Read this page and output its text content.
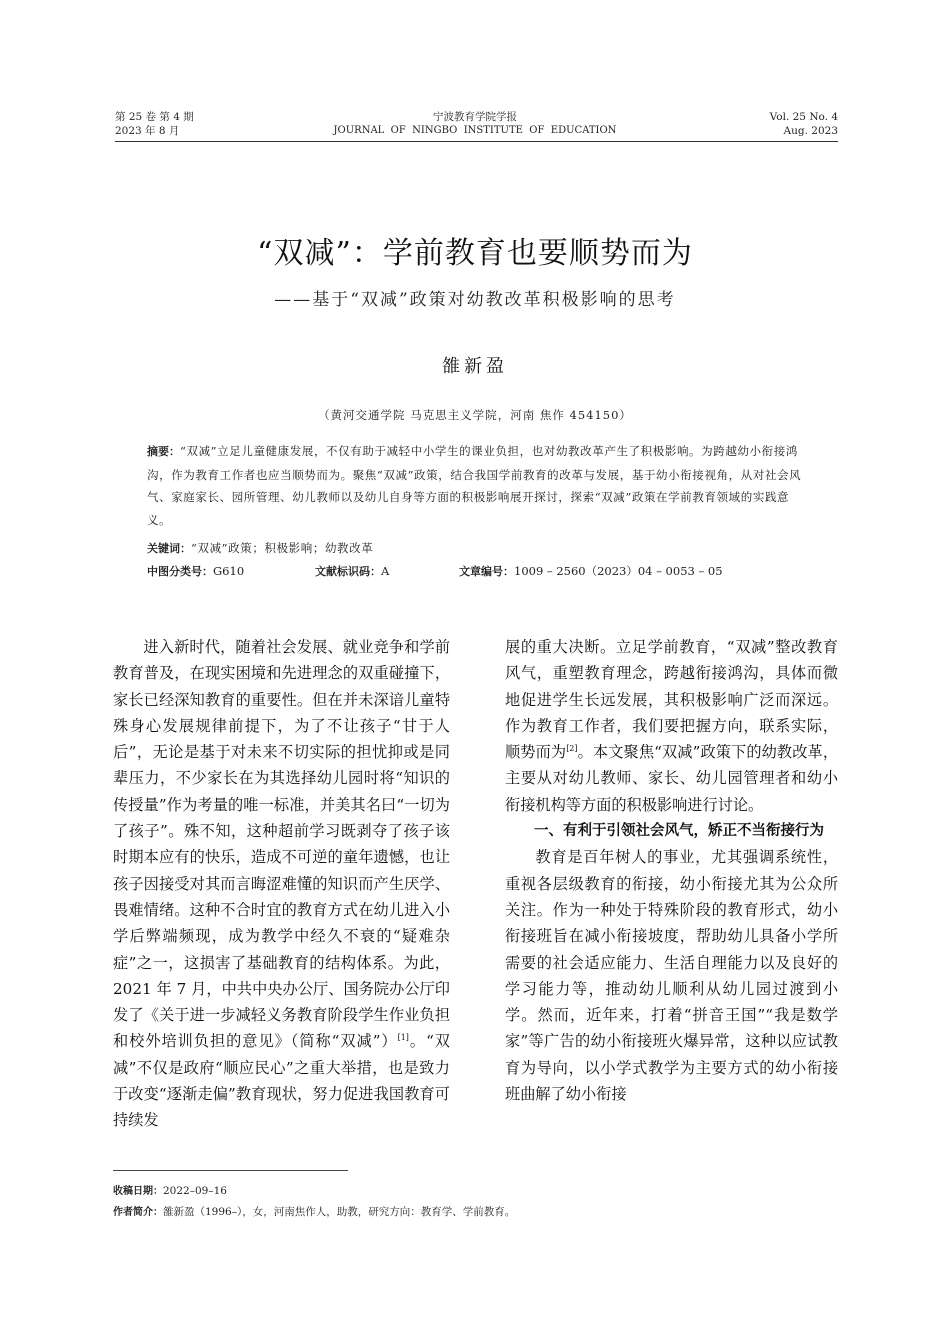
第 25 卷 第 4 期
2023 年 8 月
宁波教育学院学报
JOURNAL  OF  NINGBO  INSTITUTE  OF  EDUCATION
Vol. 25 No. 4
Aug. 2023
“双减”：学前教育也要顺势而为
——基于“双减”政策对幼教改革积极影响的思考
雒新盈
（黄河交通学院 马克思主义学院，河南 焦作 454150）
摘要：“双减”立足儿童健康发展，不仅有助于减轻中小学生的课业负担，也对幼教改革产生了积极影响。为跨越幼小衔接鸿沟，作为教育工作者也应当顺势而为。聚焦“双减”政策，结合我国学前教育的改革与发展，基于幼小衔接视角，从对社会风气、家庭家长、园所管理、幼儿教师以及幼儿自身等方面的积极影响展开探讨，探索“双减”政策在学前教育领域的实践意义。
关键词：“双减”政策；积极影响；幼教改革
中图分类号：G610	文献标识码：A	文章编号：1009 – 2560（2023）04 – 0053 – 05

进入新时代，随着社会发展、就业竞争和学前教育普及，在现实困境和先进理念的双重碰撞下，家长已经深知教育的重要性。但在并未深谙儿童特殊身心发展规律前提下，为了不让孩子“甘于人后”，无论是基于对未来不切实际的担忧抑或是同辈压力，不少家长在为其选择幼儿园时将“知识的传授量”作为考量的唯一标准，并美其名曰“一切为了孩子”。殊不知，这种超前学习既剥夺了孩子该时期本应有的快乐，造成不可逆的童年遗憾，也让孩子因接受对其而言晦涩难懂的知识而产生厌学、畏难情绪。这种不合时宜的教育方式在幼儿进入小学后弊端频现，成为教学中经久不衰的“疑难杂症”之一，这损害了基础教育的结构体系。为此，2021 年 7 月，中共中央办公厅、国务院办公厅印发了《关于进一步减轻义务教育阶段学生作业负担和校外培训负担的意见》（简称“双减”）[1]。“双减”不仅是政府“顺应民心”之重大举措，也是致力于改变“逐渐走偏”教育现状，努力促进我国教育可持续发

展的重大决断。立足学前教育，“双减”整改教育风气，重塑教育理念，跨越衔接鸿沟，具体而微地促进学生长远发展，其积极影响广泛而深远。作为教育工作者，我们要把握方向，联系实际，顺势而为[2]。本文聚焦“双减”政策下的幼教改革，主要从对幼儿教师、家长、幼儿园管理者和幼小衔接机构等方面的积极影响进行讨论。

一、有利于引领社会风气，矫正不当衔接行为

教育是百年树人的事业，尤其强调系统性，重视各层级教育的衔接，幼小衔接尤其为公众所关注。作为一种处于特殊阶段的教育形式，幼小衔接班旨在减小衔接坡度，帮助幼儿具备小学所需要的社会适应能力、生活自理能力以及良好的学习能力等，推动幼儿顺利从幼儿园过渡到小学。然而，近年来，打着“拼音王国”“我是数学家”等广告的幼小衔接班火爆异常，这种以应试教育为导向，以小学式教学为主要方式的幼小衔接班曲解了幼小衔接

收稿日期：2022–09–16
作者简介：雒新盈（1996–），女，河南焦作人，助教，研究方向：教育学、学前教育。
